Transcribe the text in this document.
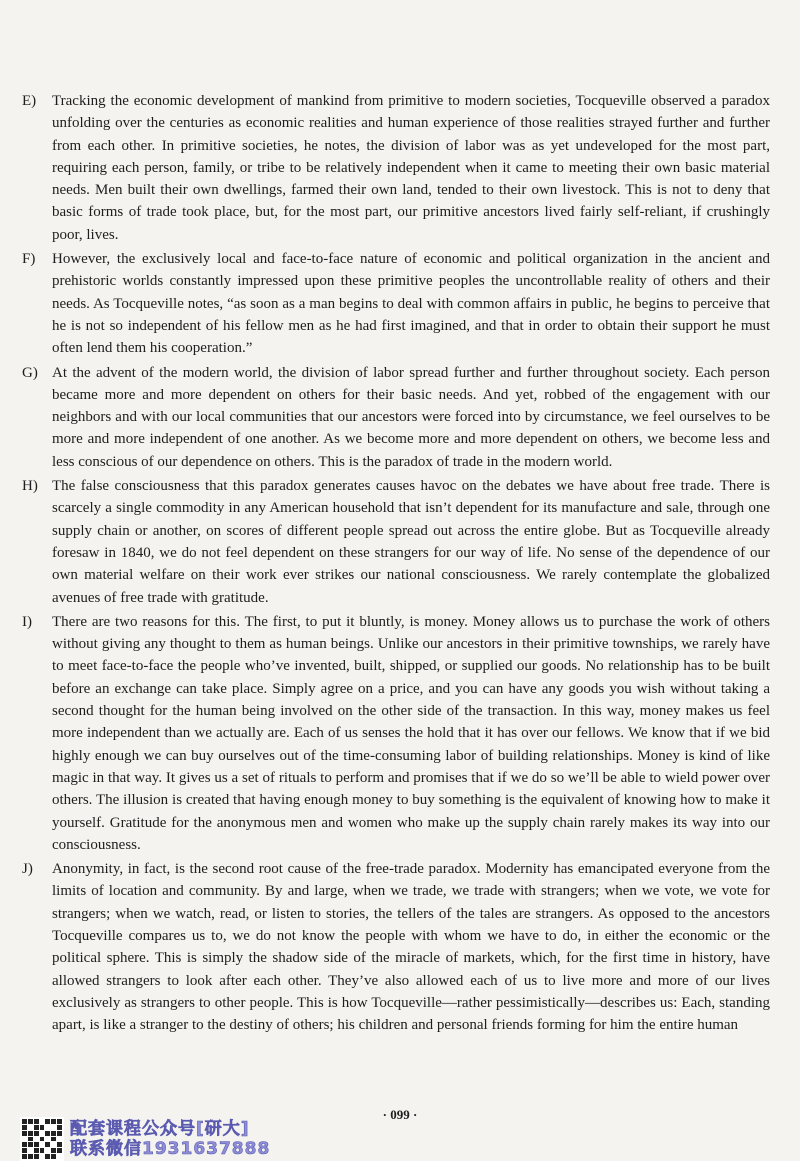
E)	Tracking the economic development of mankind from primitive to modern societies, Tocqueville observed a paradox unfolding over the centuries as economic realities and human experience of those realities strayed further and further from each other. In primitive societies, he notes, the division of labor was as yet undeveloped for the most part, requiring each person, family, or tribe to be relatively independent when it came to meeting their own basic material needs. Men built their own dwellings, farmed their own land, tended to their own livestock. This is not to deny that basic forms of trade took place, but, for the most part, our primitive ancestors lived fairly self-reliant, if crushingly poor, lives.
F)	However, the exclusively local and face-to-face nature of economic and political organization in the ancient and prehistoric worlds constantly impressed upon these primitive peoples the uncontrollable reality of others and their needs. As Tocqueville notes, “as soon as a man begins to deal with common affairs in public, he begins to perceive that he is not so independent of his fellow men as he had first imagined, and that in order to obtain their support he must often lend them his cooperation.”
G) At the advent of the modern world, the division of labor spread further and further throughout society. Each person became more and more dependent on others for their basic needs. And yet, robbed of the engagement with our neighbors and with our local communities that our ancestors were forced into by circumstance, we feel ourselves to be more and more independent of one another. As we become more and more dependent on others, we become less and less conscious of our dependence on others. This is the paradox of trade in the modern world.
H) The false consciousness that this paradox generates causes havoc on the debates we have about free trade. There is scarcely a single commodity in any American household that isn’t dependent for its manufacture and sale, through one supply chain or another, on scores of different people spread out across the entire globe. But as Tocqueville already foresaw in 1840, we do not feel dependent on these strangers for our way of life. No sense of the dependence of our own material welfare on their work ever strikes our national consciousness. We rarely contemplate the globalized avenues of free trade with gratitude.
I)	There are two reasons for this. The first, to put it bluntly, is money. Money allows us to purchase the work of others without giving any thought to them as human beings. Unlike our ancestors in their primitive townships, we rarely have to meet face-to-face the people who’ve invented, built, shipped, or supplied our goods. No relationship has to be built before an exchange can take place. Simply agree on a price, and you can have any goods you wish without taking a second thought for the human being involved on the other side of the transaction. In this way, money makes us feel more independent than we actually are. Each of us senses the hold that it has over our fellows. We know that if we bid highly enough we can buy ourselves out of the time-consuming labor of building relationships. Money is kind of like magic in that way. It gives us a set of rituals to perform and promises that if we do so we’ll be able to wield power over others. The illusion is created that having enough money to buy something is the equivalent of knowing how to make it yourself. Gratitude for the anonymous men and women who make up the supply chain rarely makes its way into our consciousness.
J)	Anonymity, in fact, is the second root cause of the free-trade paradox. Modernity has emancipated everyone from the limits of location and community. By and large, when we trade, we trade with strangers; when we vote, we vote for strangers; when we watch, read, or listen to stories, the tellers of the tales are strangers. As opposed to the ancestors Tocqueville compares us to, we do not know the people with whom we have to do, in either the economic or the political sphere. This is simply the shadow side of the miracle of markets, which, for the first time in history, have allowed strangers to look after each other. They’ve also allowed each of us to live more and more of our lives exclusively as strangers to other people. This is how Tocqueville—rather pessimistically—describes us: Each, standing apart, is like a stranger to the destiny of others; his children and personal friends forming for him the entire human
· 099 ·
配套课程公众号[研大]
联系微信1931637888
